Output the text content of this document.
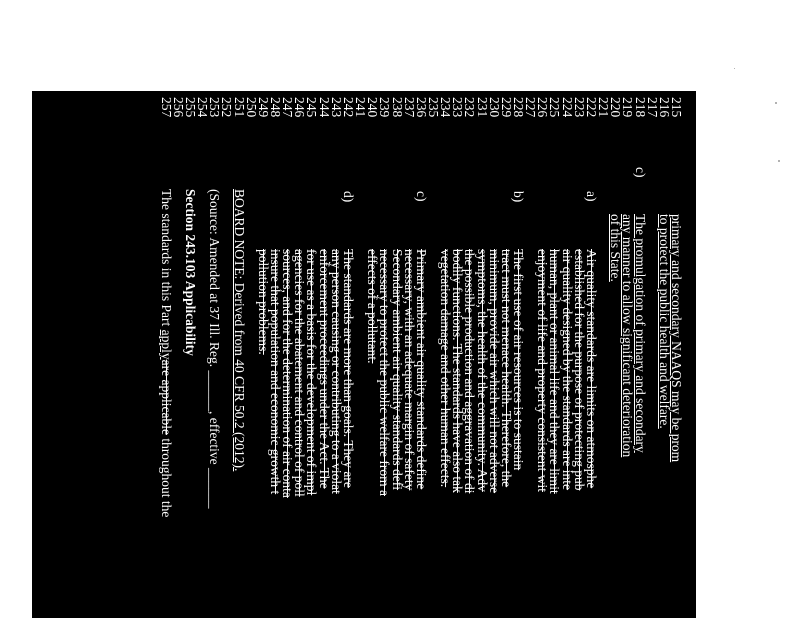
215
primary and secondary NAAQS may be prom
216
to protect the public health and welfare.
217
218
c)
The promulgation of primary and secondary
219
any manner to allow significant deterioration
220
of this State.
221
222
a)
Air quality standards are limits on atmosphe
223
established for the purpose of protecting pub
224
air quality designed by the standards are inte
225
human, plant or animal life and they are limit
226
enjoyment of life and property consistent wit
227
228
b)
The first use of air resources is to sustain
229
tract must not menace health. Therefore, the
230
minimum, provide air which will not adverse
231
symptoms, the health of the community. Adv
232
the possible production and aggravation of di
233
bodily functions. The standards have also tak
234
vegetation damage and other human effects.
235
236
c)
Primary ambient air quality standards define
237
necessary, with an adequate margin of safety
238
Secondary ambient air quality standards defi
239
necessary to protect the public welfare from a
240
effects of a pollutant.
241
242
d)
The standards are more than goals. They are
243
any person causing or contributing to a violat
244
enforcement proceedings under the Act. The
245
for use as a basis for the development of impl
246
agencies for the abatement and control of poll
247
sources, and for the determination of air conta
248
insure that population and economic growth t
249
pollution problems.
250
251
BOARD NOTE: Derived from 40 CFR 50.2 (2012).
252
253
(Source: Amended at 37 Ill. Reg. ______, effective ______
254
255
Section 243.103 Applicability
256
257
The standards in this Part applyare applicable throughout the
